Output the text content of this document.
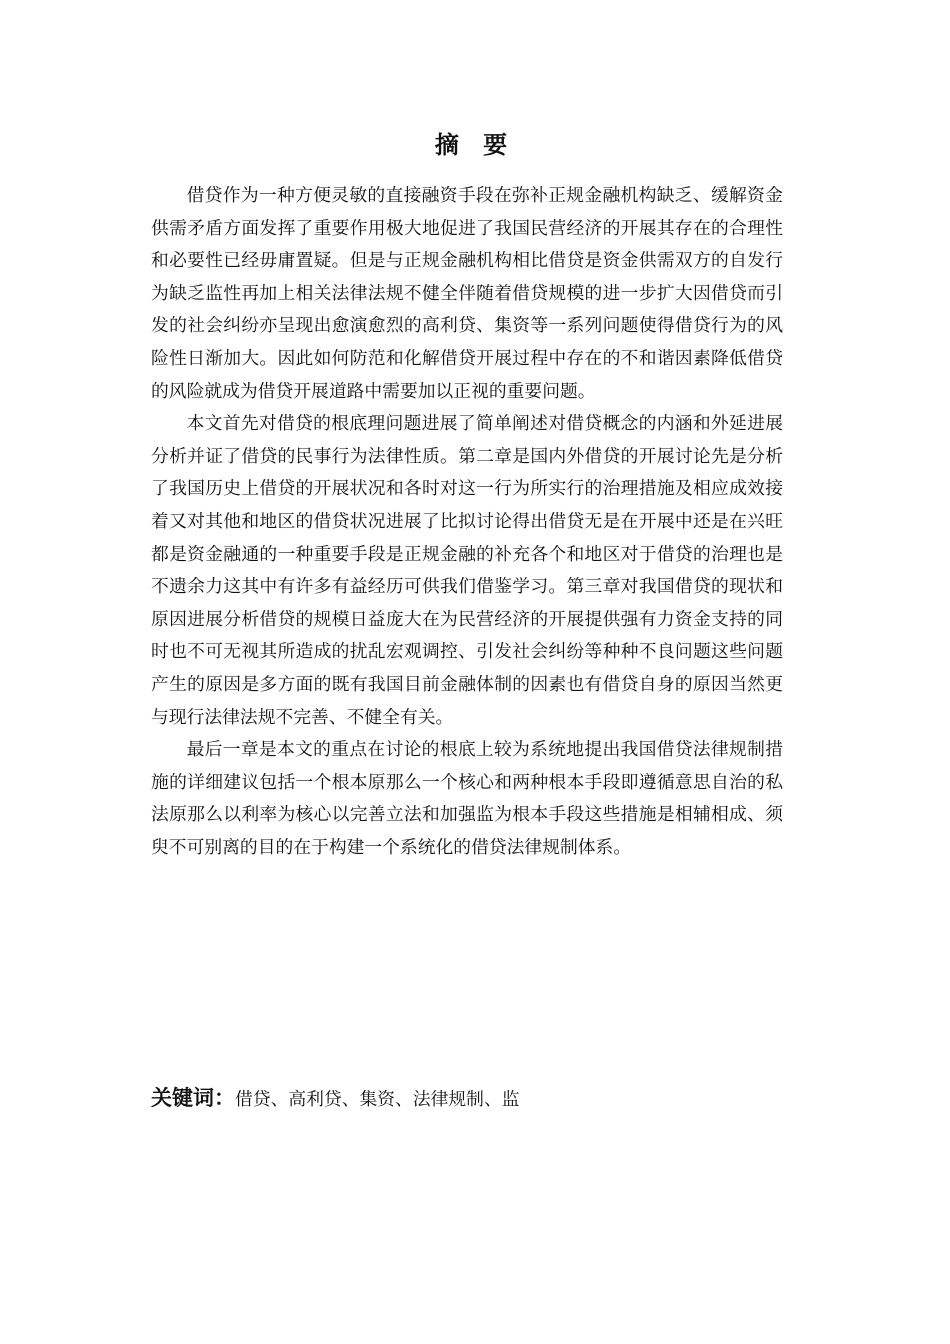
摘 要

借贷作为一种方便灵敏的直接融资手段在弥补正规金融机构缺乏、缓解资金供需矛盾方面发挥了重要作用极大地促进了我国民营经济的开展其存在的合理性和必要性已经毋庸置疑。但是与正规金融机构相比借贷是资金供需双方的自发行为缺乏监性再加上相关法律法规不健全伴随着借贷规模的进一步扩大因借贷而引发的社会纠纷亦呈现出愈演愈烈的高利贷、集资等一系列问题使得借贷行为的风险性日渐加大。因此如何防范和化解借贷开展过程中存在的不和谐因素降低借贷的风险就成为借贷开展道路中需要加以正视的重要问题。

本文首先对借贷的根底理问题进展了简单阐述对借贷概念的内涵和外延进展分析并证了借贷的民事行为法律性质。第二章是国内外借贷的开展讨论先是分析了我国历史上借贷的开展状况和各时对这一行为所实行的治理措施及相应成效接着又对其他和地区的借贷状况进展了比拟讨论得出借贷无是在开展中还是在兴旺都是资金融通的一种重要手段是正规金融的补充各个和地区对于借贷的治理也是不遗余力这其中有许多有益经历可供我们借鉴学习。第三章对我国借贷的现状和原因进展分析借贷的规模日益庞大在为民营经济的开展提供强有力资金支持的同时也不可无视其所造成的扰乱宏观调控、引发社会纠纷等种种不良问题这些问题产生的原因是多方面的既有我国目前金融体制的因素也有借贷自身的原因当然更与现行法律法规不完善、不健全有关。

最后一章是本文的重点在讨论的根底上较为系统地提出我国借贷法律规制措施的详细建议包括一个根本原那么一个核心和两种根本手段即遵循意思自治的私法原那么以利率为核心以完善立法和加强监为根本手段这些措施是相辅相成、须臾不可别离的目的在于构建一个系统化的借贷法律规制体系。

关键词：借贷、高利贷、集资、法律规制、监
